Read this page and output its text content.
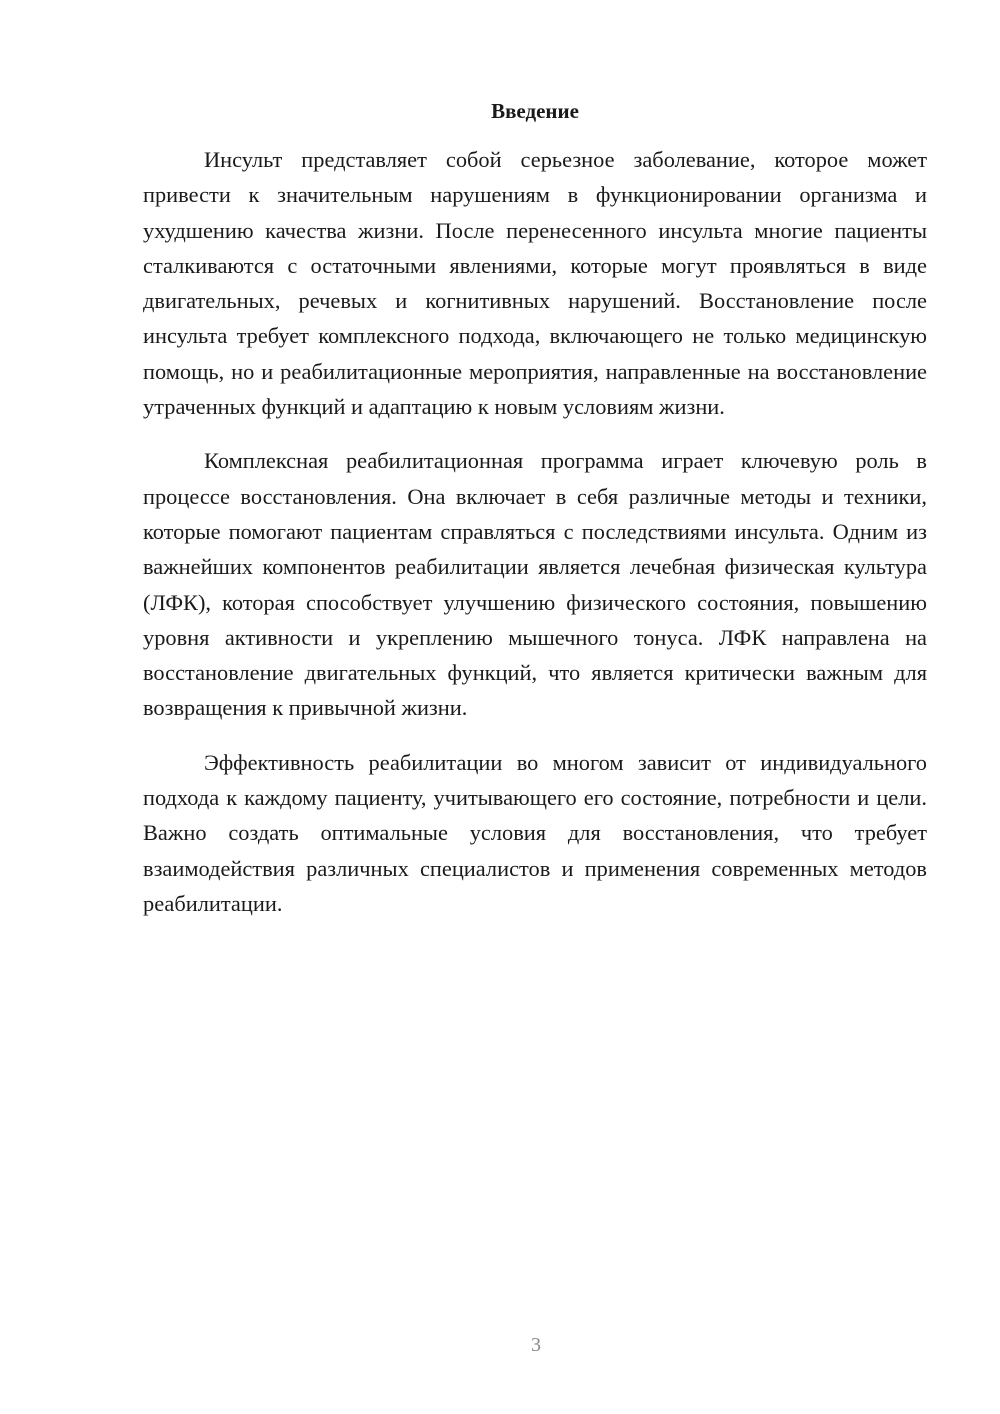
Введение

Инсульт представляет собой серьезное заболевание, которое может привести к значительным нарушениям в функционировании организма и ухудшению качества жизни. После перенесенного инсульта многие пациенты сталкиваются с остаточными явлениями, которые могут проявляться в виде двигательных, речевых и когнитивных нарушений. Восстановление после инсульта требует комплексного подхода, включающего не только медицинскую помощь, но и реабилитационные мероприятия, направленные на восстановление утраченных функций и адаптацию к новым условиям жизни.

Комплексная реабилитационная программа играет ключевую роль в процессе восстановления. Она включает в себя различные методы и техники, которые помогают пациентам справляться с последствиями инсульта. Одним из важнейших компонентов реабилитации является лечебная физическая культура (ЛФК), которая способствует улучшению физического состояния, повышению уровня активности и укреплению мышечного тонуса. ЛФК направлена на восстановление двигательных функций, что является критически важным для возвращения к привычной жизни.

Эффективность реабилитации во многом зависит от индивидуального подхода к каждому пациенту, учитывающего его состояние, потребности и цели. Важно создать оптимальные условия для восстановления, что требует взаимодействия различных специалистов и применения современных методов реабилитации.

3
